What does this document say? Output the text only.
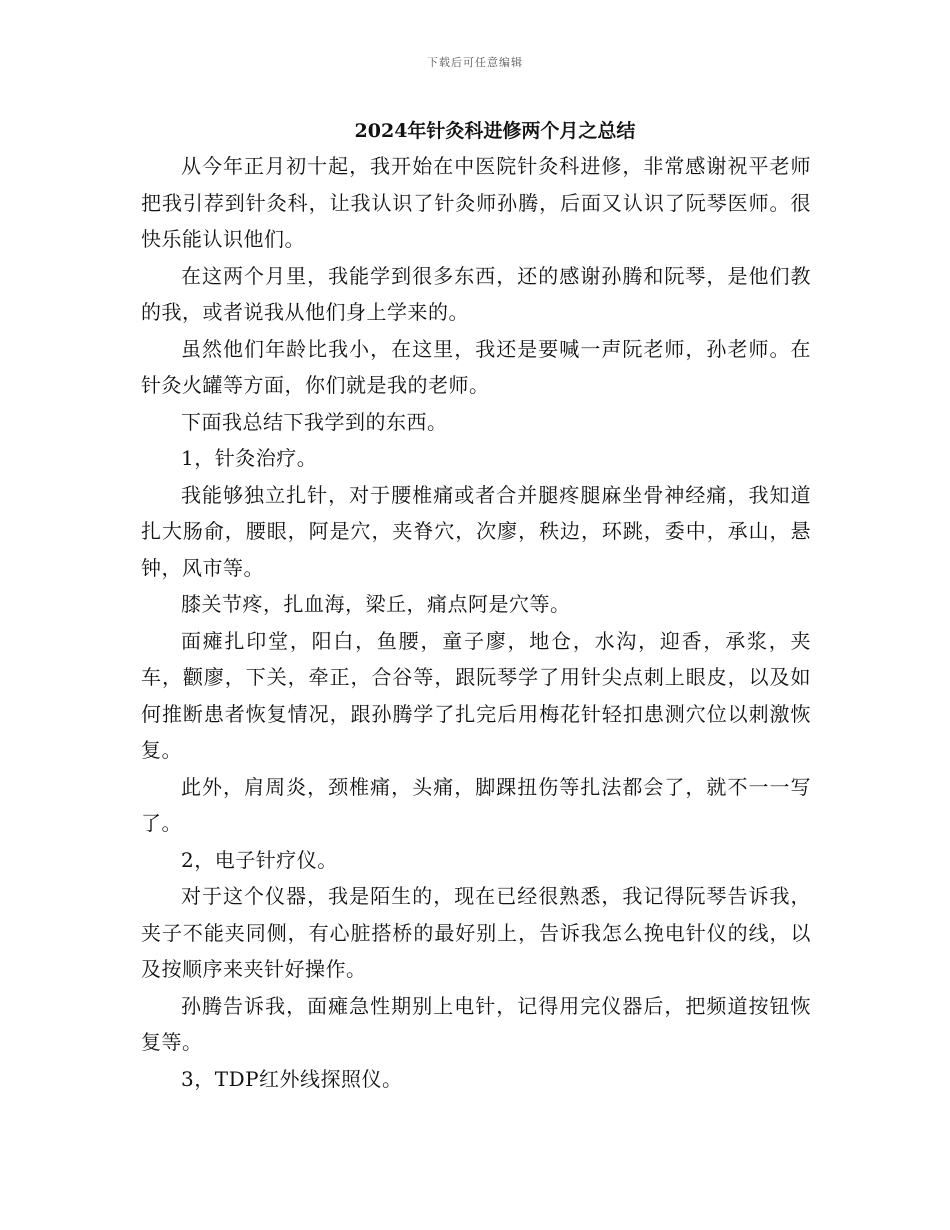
下载后可任意编辑
2024年针灸科进修两个月之总结

从今年正月初十起，我开始在中医院针灸科进修，非常感谢祝平老师把我引荐到针灸科，让我认识了针灸师孙腾，后面又认识了阮琴医师。很快乐能认识他们。

在这两个月里，我能学到很多东西，还的感谢孙腾和阮琴，是他们教的我，或者说我从他们身上学来的。

虽然他们年龄比我小，在这里，我还是要喊一声阮老师，孙老师。在针灸火罐等方面，你们就是我的老师。

下面我总结下我学到的东西。

1，针灸治疗。

我能够独立扎针，对于腰椎痛或者合并腿疼腿麻坐骨神经痛，我知道扎大肠俞，腰眼，阿是穴，夹脊穴，次廖，秩边，环跳，委中，承山，悬钟，风市等。

膝关节疼，扎血海，梁丘，痛点阿是穴等。

面瘫扎印堂，阳白，鱼腰，童子廖，地仓，水沟，迎香，承浆，夹车，颧廖，下关，牵正，合谷等，跟阮琴学了用针尖点刺上眼皮，以及如何推断患者恢复情况，跟孙腾学了扎完后用梅花针轻扣患测穴位以刺激恢复。

此外，肩周炎，颈椎痛，头痛，脚踝扭伤等扎法都会了，就不一一写了。

2，电子针疗仪。

对于这个仪器，我是陌生的，现在已经很熟悉，我记得阮琴告诉我，夹子不能夹同侧，有心脏搭桥的最好别上，告诉我怎么挽电针仪的线，以及按顺序来夹针好操作。

孙腾告诉我，面瘫急性期别上电针，记得用完仪器后，把频道按钮恢复等。

3，TDP红外线探照仪。
